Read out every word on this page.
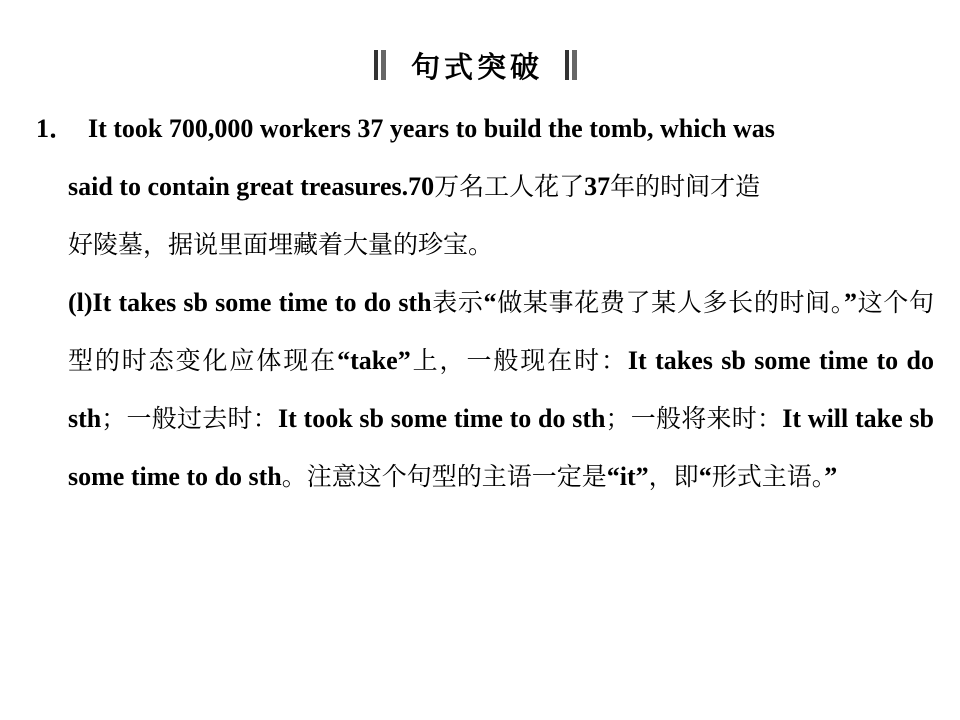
句式突破

1． It took 700,000 workers 37 years to build the tomb, which was

said to contain great treasures.70万名工人花了37年的时间才造

好陵墓，据说里面埋藏着大量的珍宝。

(l)It takes sb some time to do sth表示“做某事花费了某人多长的时间。”这个句型的时态变化应体现在“take”上，一般现在时：It takes sb some time to do sth；一般过去时：It took sb some time to do sth；一般将来时：It will take sb some time to do sth。注意这个句型的主语一定是“it”，即“形式主语。”
